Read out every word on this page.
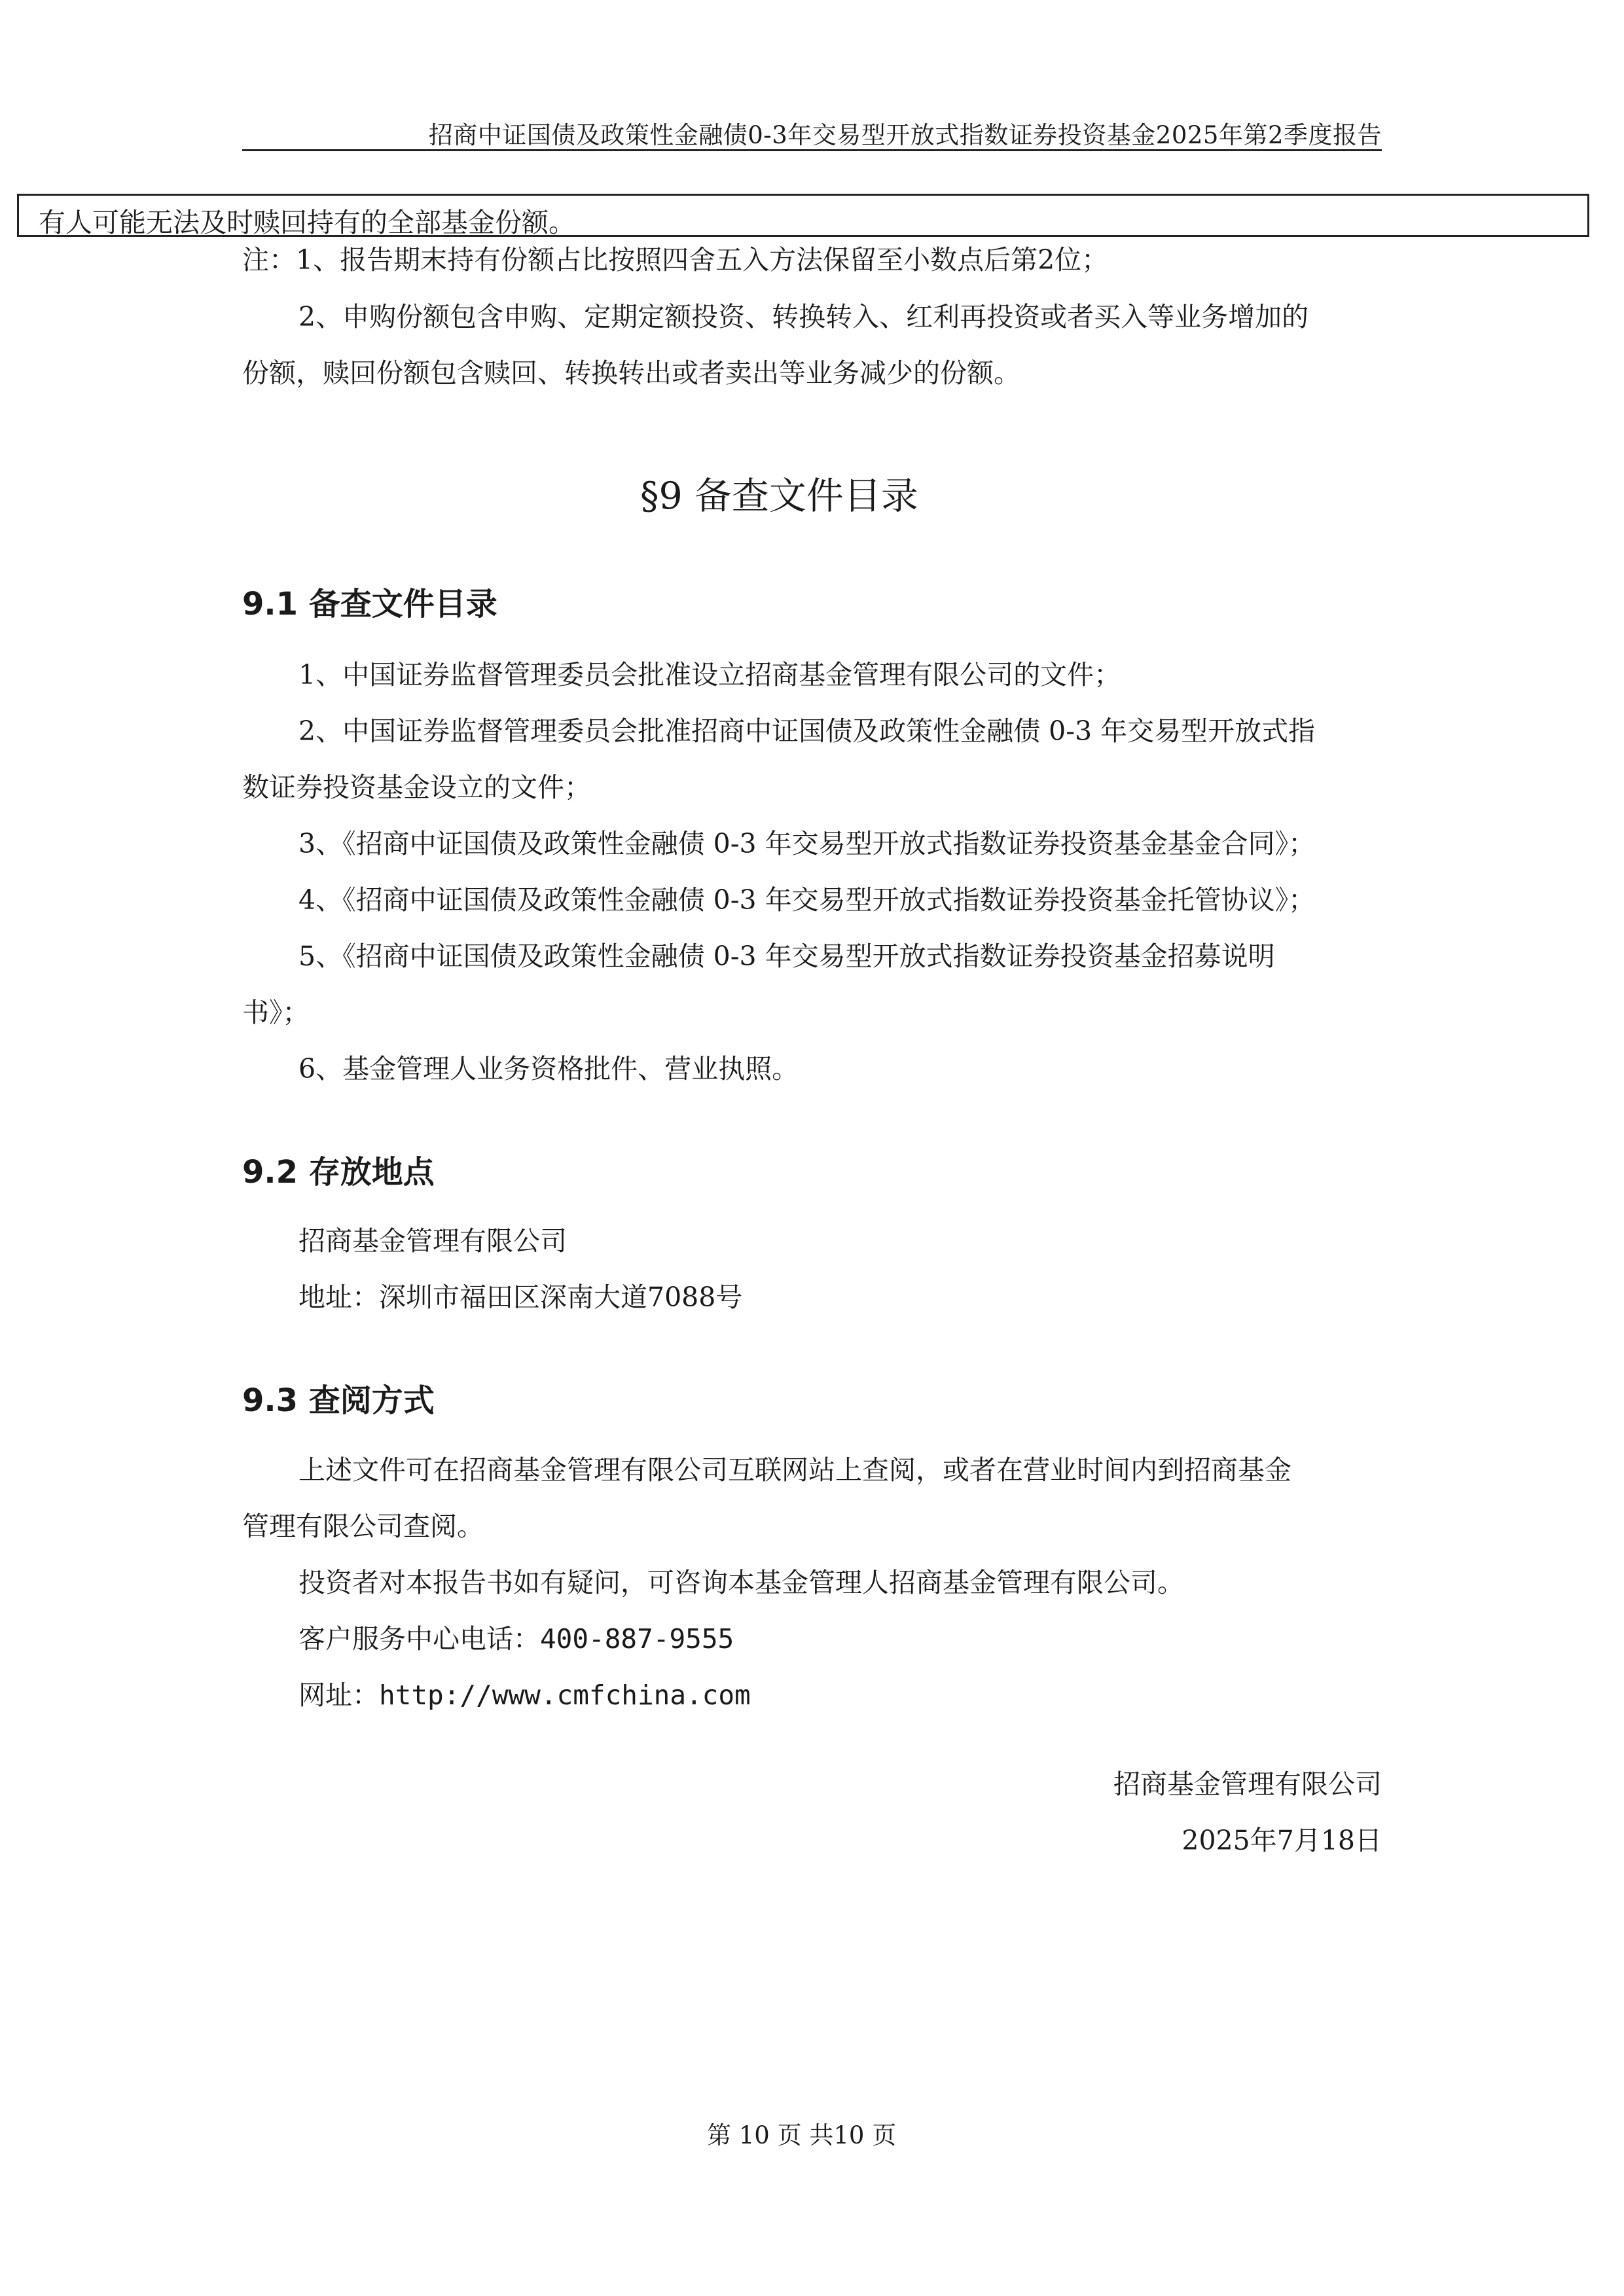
招商中证国债及政策性金融债0-3年交易型开放式指数证券投资基金2025年第2季度报告
有人可能无法及时赎回持有的全部基金份额。
注：1、报告期末持有份额占比按照四舍五入方法保留至小数点后第2位；
2、申购份额包含申购、定期定额投资、转换转入、红利再投资或者买入等业务增加的
份额，赎回份额包含赎回、转换转出或者卖出等业务减少的份额。
§9 备查文件目录
9.1 备查文件目录
1、中国证券监督管理委员会批准设立招商基金管理有限公司的文件；
2、中国证券监督管理委员会批准招商中证国债及政策性金融债 0-3 年交易型开放式指
数证券投资基金设立的文件；
3、《招商中证国债及政策性金融债 0-3 年交易型开放式指数证券投资基金基金合同》；
4、《招商中证国债及政策性金融债 0-3 年交易型开放式指数证券投资基金托管协议》；
5、《招商中证国债及政策性金融债 0-3 年交易型开放式指数证券投资基金招募说明
书》；
6、基金管理人业务资格批件、营业执照。
9.2 存放地点
招商基金管理有限公司
地址：深圳市福田区深南大道7088号
9.3 查阅方式
上述文件可在招商基金管理有限公司互联网站上查阅，或者在营业时间内到招商基金
管理有限公司查阅。
投资者对本报告书如有疑问，可咨询本基金管理人招商基金管理有限公司。
客户服务中心电话：400-887-9555
网址：http://www.cmfchina.com
招商基金管理有限公司
2025年7月18日
第 10 页 共10 页
